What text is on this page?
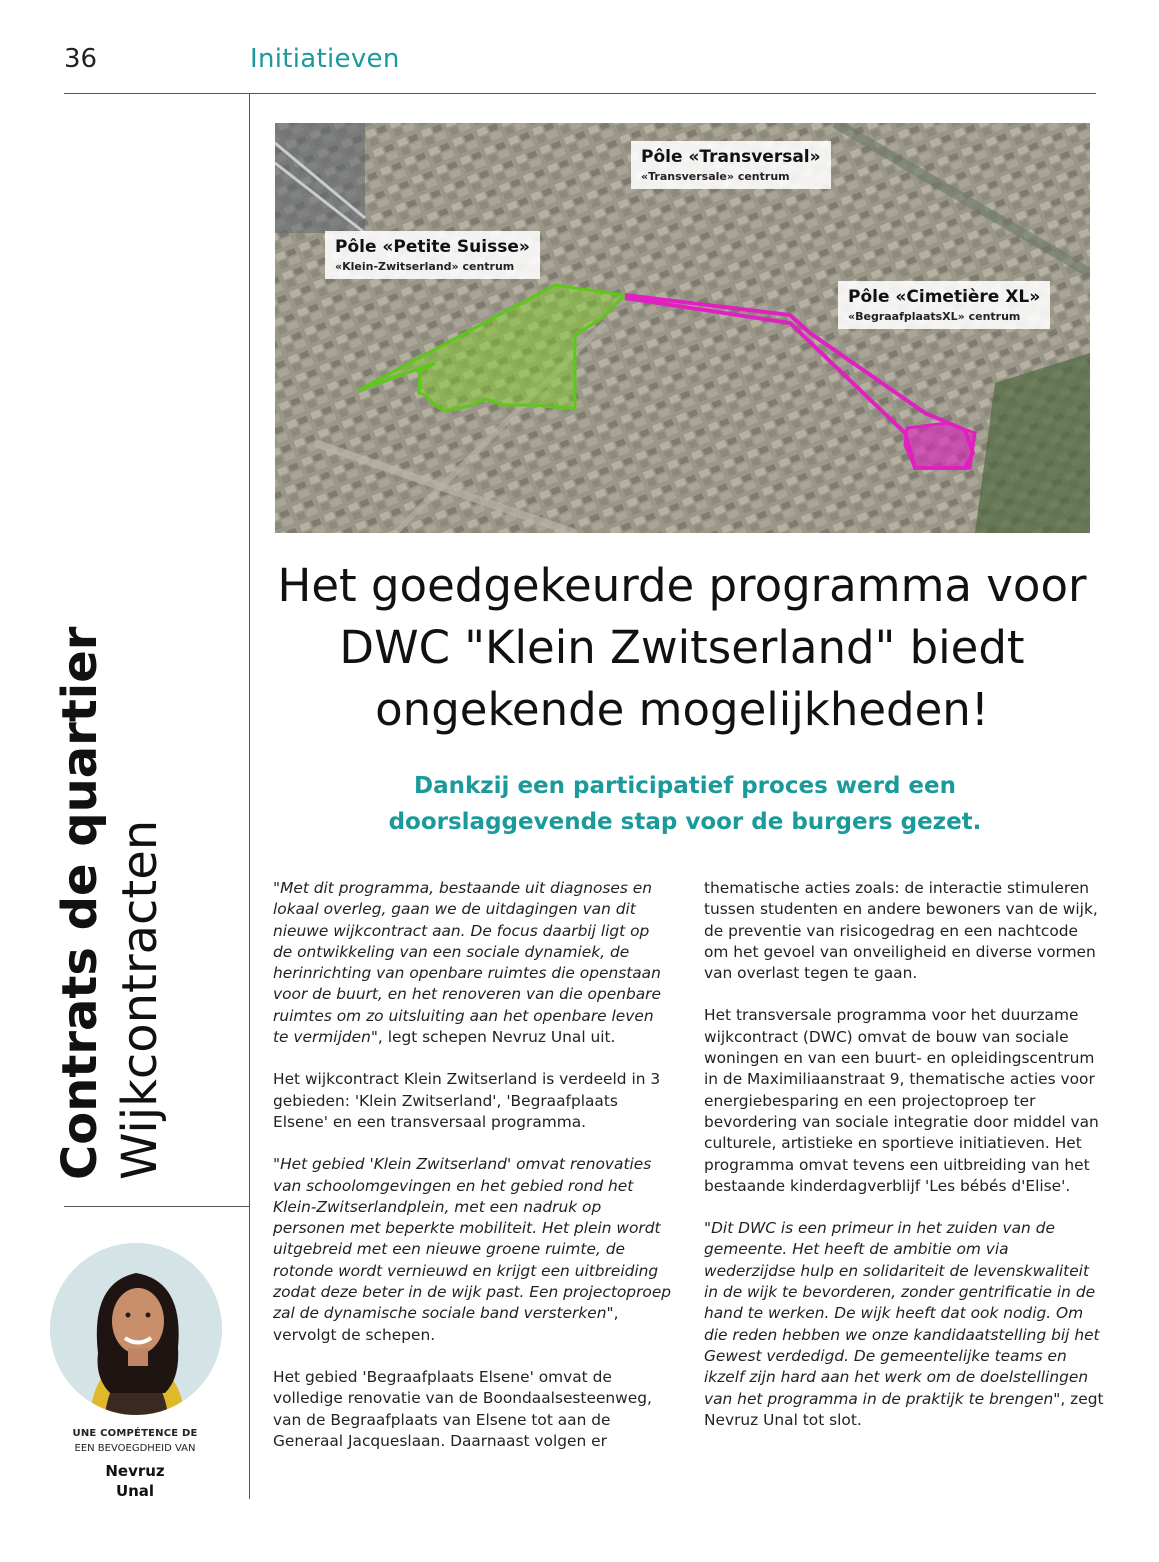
36	Initiatieven
Contrats de quartier Wijkcontracten
UNE COMPÉTENCE DE
EEN BEVOEGDHEID VAN
Nevruz
Unal
Pôle «Transversal»
«Transversale» centrum
Pôle «Petite Suisse»
«Klein-Zwitserland» centrum
Pôle «Cimetière XL»
«BegraafplaatsXL» centrum
Het goedgekeurde programma voor DWC "Klein Zwitserland" biedt ongekende mogelijkheden!
Dankzij een participatief proces werd een doorslaggevende stap voor de burgers gezet.

"Met dit programma, bestaande uit diagnoses en lokaal overleg, gaan we de uitdagingen van dit nieuwe wijkcontract aan. De focus daarbij ligt op de ontwikkeling van een sociale dynamiek, de herinrichting van openbare ruimtes die openstaan voor de buurt, en het renoveren van die openbare ruimtes om zo uitsluiting aan het openbare leven te vermijden", legt schepen Nevruz Unal uit.

Het wijkcontract Klein Zwitserland is verdeeld in 3 gebieden: 'Klein Zwitserland', 'Begraafplaats Elsene' en een transversaal programma.

"Het gebied 'Klein Zwitserland' omvat renovaties van schoolomgevingen en het gebied rond het Klein-Zwitserlandplein, met een nadruk op personen met beperkte mobiliteit. Het plein wordt uitgebreid met een nieuwe groene ruimte, de rotonde wordt vernieuwd en krijgt een uitbreiding zodat deze beter in de wijk past. Een projectoproep zal de dynamische sociale band versterken", vervolgt de schepen.

Het gebied 'Begraafplaats Elsene' omvat de volledige renovatie van de Boondaalsesteenweg, van de Begraafplaats van Elsene tot aan de Generaal Jacqueslaan. Daarnaast volgen er

thematische acties zoals: de interactie stimuleren tussen studenten en andere bewoners van de wijk, de preventie van risicogedrag en een nachtcode om het gevoel van onveiligheid en diverse vormen van overlast tegen te gaan.

Het transversale programma voor het duurzame wijkcontract (DWC) omvat de bouw van sociale woningen en van een buurt- en opleidingscentrum in de Maximiliaanstraat 9, thematische acties voor energiebesparing en een projectoproep ter bevordering van sociale integratie door middel van culturele, artistieke en sportieve initiatieven. Het programma omvat tevens een uitbreiding van het bestaande kinderdagverblijf 'Les bébés d'Elise'.

"Dit DWC is een primeur in het zuiden van de gemeente. Het heeft de ambitie om via wederzijdse hulp en solidariteit de levenskwaliteit in de wijk te bevorderen, zonder gentrificatie in de hand te werken. De wijk heeft dat ook nodig. Om die reden hebben we onze kandidaatstelling bij het Gewest verdedigd. De gemeentelijke teams en ikzelf zijn hard aan het werk om de doelstellingen van het programma in de praktijk te brengen", zegt Nevruz Unal tot slot.
